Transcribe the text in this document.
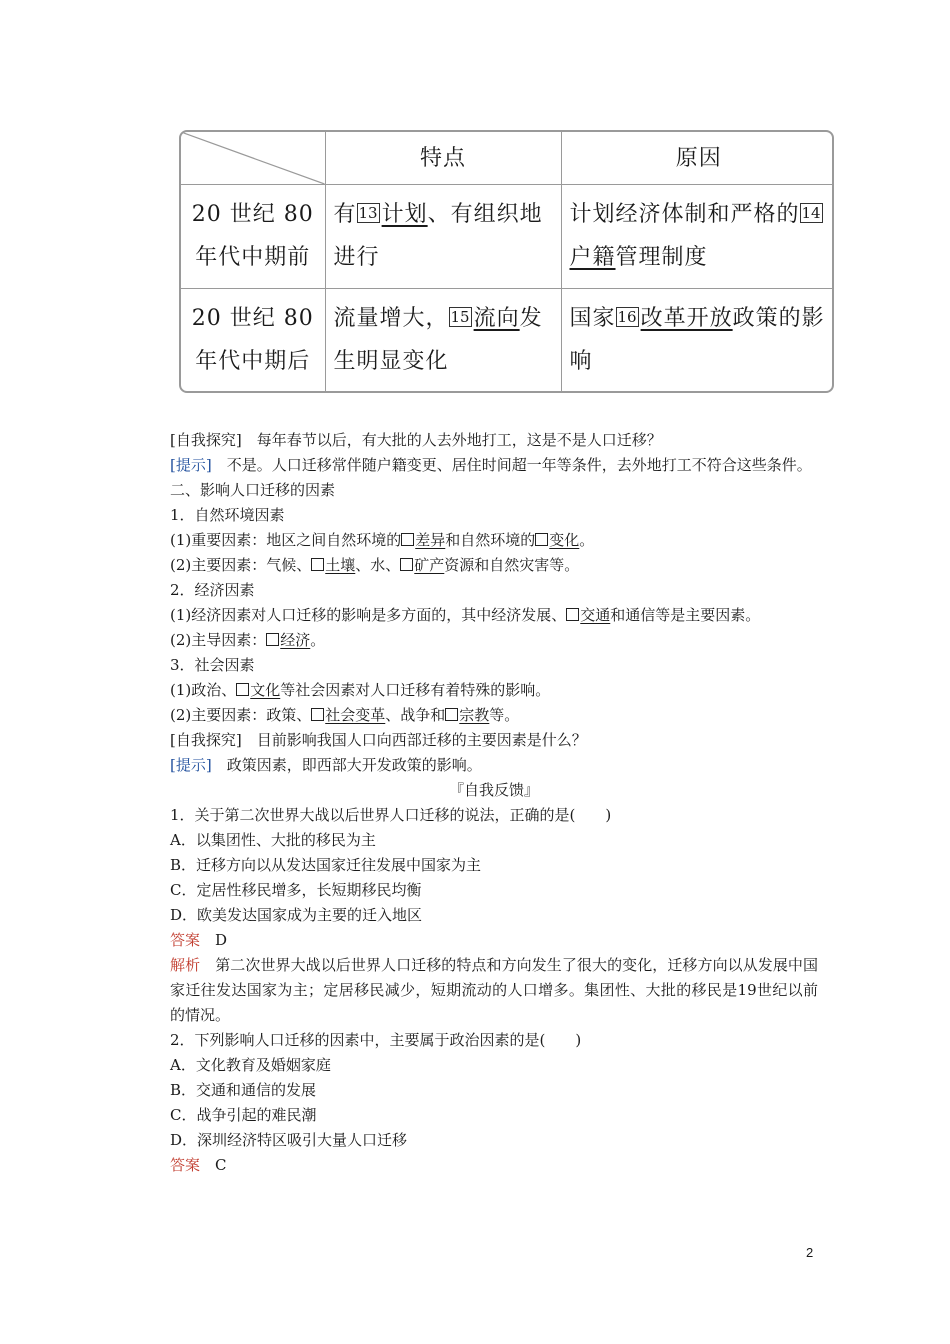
	特点	原因
20 世纪 80 年代中期前	有 13 计划、有组织地进行	计划经济体制和严格的 14户籍管理制度
20 世纪 80 年代中期后	流量增大， 15 流向发生明显变化	国家 16 改革开放政策的影响

[自我探究]　每年春节以后，有大批的人去外地打工，这是不是人口迁移？

[提示]　不是。人口迁移常伴随户籍变更、居住时间超一年等条件，去外地打工不符合这些条件。

二、影响人口迁移的因素

1．自然环境因素

(1)重要因素：地区之间自然环境的 差异和自然环境的 变化。

(2)主要因素：气候、 土壤、水、 矿产资源和自然灾害等。

2．经济因素

(1)经济因素对人口迁移的影响是多方面的，其中经济发展、 交通和通信等是主要因素。

(2)主导因素： 经济。

3．社会因素

(1)政治、 文化等社会因素对人口迁移有着特殊的影响。

(2)主要因素：政策、 社会变革、战争和 宗教等。

[自我探究]　目前影响我国人口向西部迁移的主要因素是什么？

[提示]　政策因素，即西部大开发政策的影响。

『自我反馈』

1．关于第二次世界大战以后世界人口迁移的说法，正确的是(　　)

A．以集团性、大批的移民为主

B．迁移方向以从发达国家迁往发展中国家为主

C．定居性移民增多，长短期移民均衡

D．欧美发达国家成为主要的迁入地区

答案　D

解析　第二次世界大战以后世界人口迁移的特点和方向发生了很大的变化，迁移方向以从发展中国家迁往发达国家为主；定居移民减少，短期流动的人口增多。集团性、大批的移民是19世纪以前的情况。

2．下列影响人口迁移的因素中，主要属于政治因素的是(　　)

A．文化教育及婚姻家庭

B．交通和通信的发展

C．战争引起的难民潮

D．深圳经济特区吸引大量人口迁移

答案　C

2
